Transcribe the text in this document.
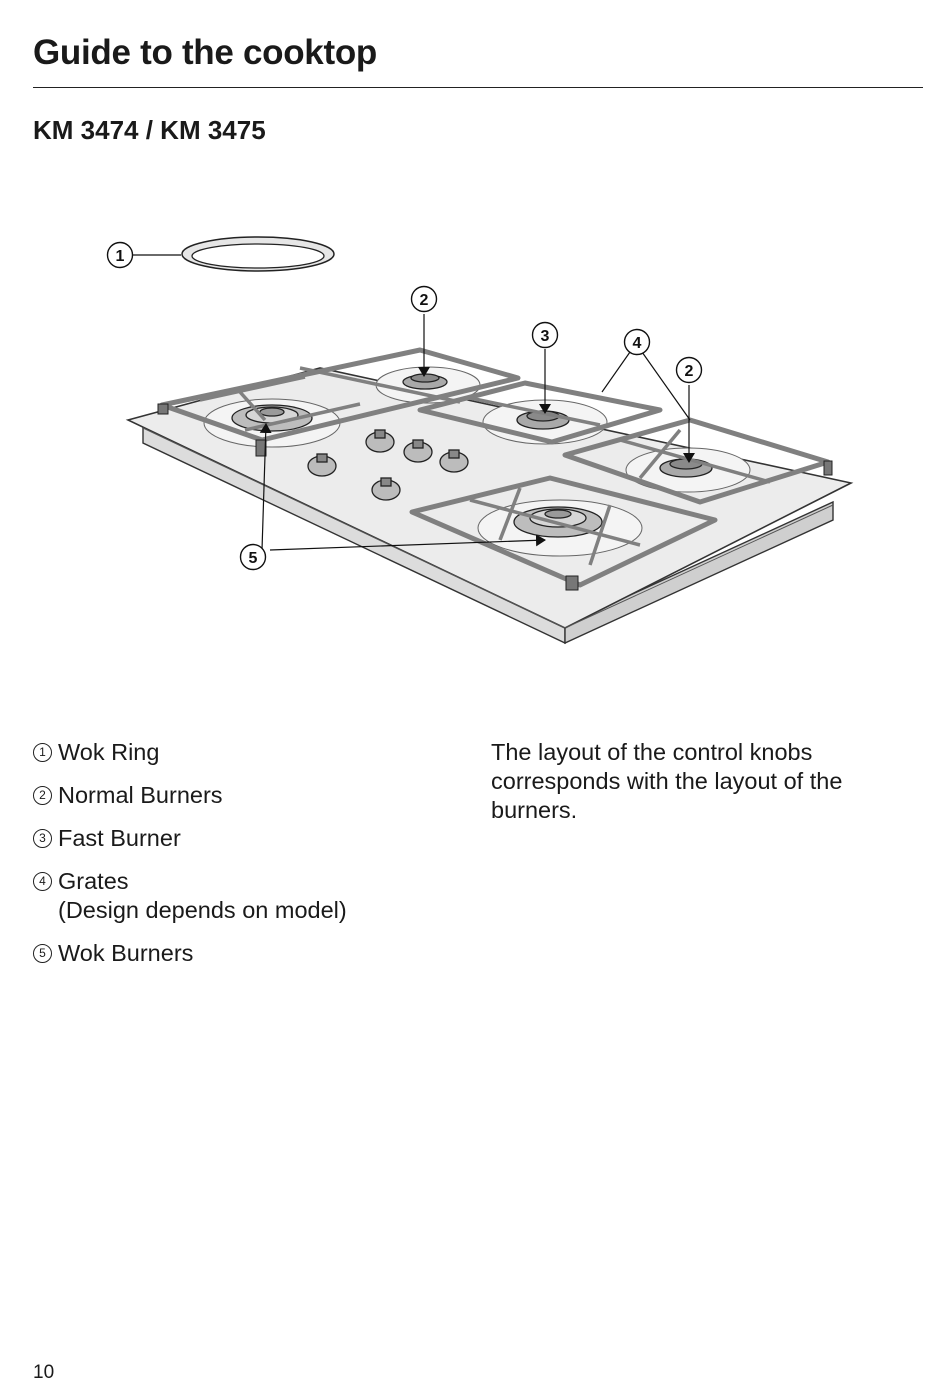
Guide to the cooktop
KM 3474 / KM 3475
1
2
3	4
2
5
1 Wok Ring
2 Normal Burners
3 Fast Burner
4 Grates
(Design depends on model)
5 Wok Burners

The layout of the control knobs corresponds with the layout of the burners.

10
